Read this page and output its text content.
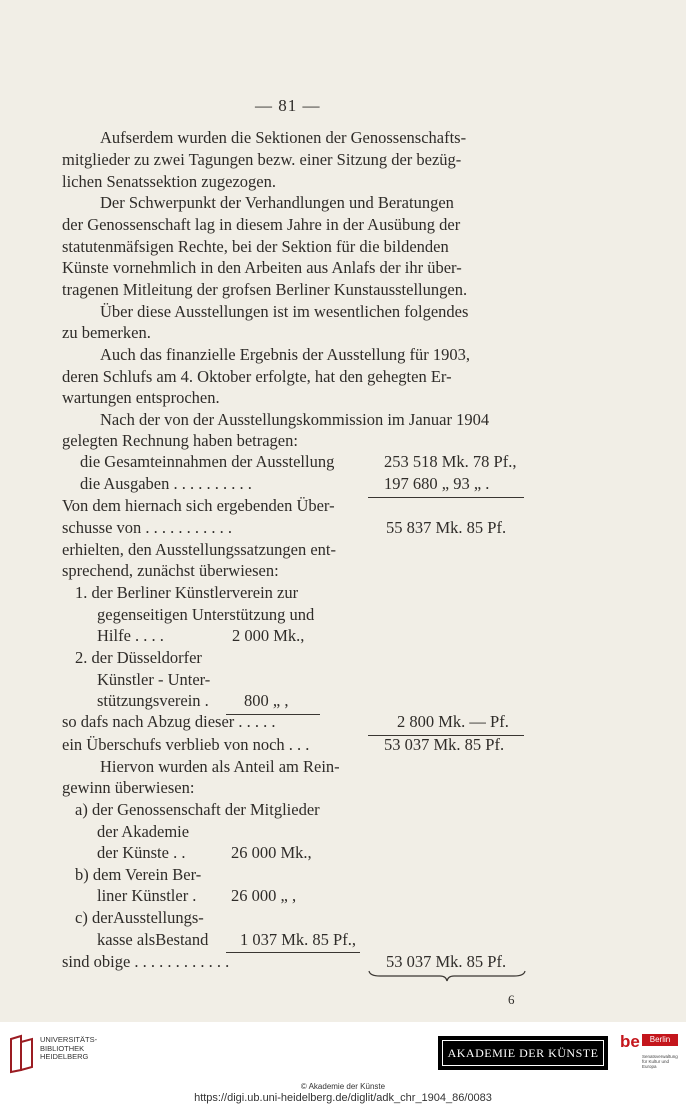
— 81 —
Aufserdem wurden die Sektionen der Genossenschafts-
mitglieder zu zwei Tagungen bezw. einer Sitzung der bezüg-
lichen Senatssektion zugezogen.
Der Schwerpunkt der Verhandlungen und Beratungen
der Genossenschaft lag in diesem Jahre in der Ausübung der
statutenmäfsigen Rechte, bei der Sektion für die bildenden
Künste vornehmlich in den Arbeiten aus Anlafs der ihr über-
tragenen Mitleitung der grofsen Berliner Kunstausstellungen.
Über diese Ausstellungen ist im wesentlichen folgendes
zu bemerken.
Auch das finanzielle Ergebnis der Ausstellung für 1903,
deren Schlufs am 4. Oktober erfolgte, hat den gehegten Er-
wartungen entsprochen.
Nach der von der Ausstellungskommission im Januar 1904
gelegten Rechnung haben betragen:
die Gesamteinnahmen der Ausstellung	253 518 Mk. 78 Pf.,
die Ausgaben . . . . . . . . . .	197 680 „ 93 „ .
Von dem hiernach sich ergebenden Über-
schusse von . . . . . . . . . . .	55 837 Mk. 85 Pf.
erhielten, den Ausstellungssatzungen ent-
sprechend, zunächst überwiesen:
1. der Berliner Künstlerverein zur
gegenseitigen Unterstützung und
Hilfe . . . .	2 000 Mk.,
2. der Düsseldorfer
Künstler - Unter-
stützungsverein . 800 „ ,
so dafs nach Abzug dieser . . . . .	2 800 Mk. — Pf.
ein Überschufs verblieb von noch . . .	53 037 Mk. 85 Pf.
Hiervon wurden als Anteil am Rein-
gewinn überwiesen:
a) der Genossenschaft der Mitglieder
der Akademie
der Künste . .	26 000 Mk.,
b) dem Verein Ber-
liner Künstler . 26 000 „ ,
c) derAusstellungs-
kasse alsBestand 1 037 Mk. 85 Pf.,
sind obige . . . . . . . . . . . .	53 037 Mk. 85 Pf.
6
UNIVERSITÄTS-
BIBLIOTHEK
HEIDELBERG	AKADEMIE DER KÜNSTE
be	Berlin
Senatsverwaltung für Kultur und Europa
© Akademie der Künste
https://digi.ub.uni-heidelberg.de/diglit/adk_chr_1904_86/0083
